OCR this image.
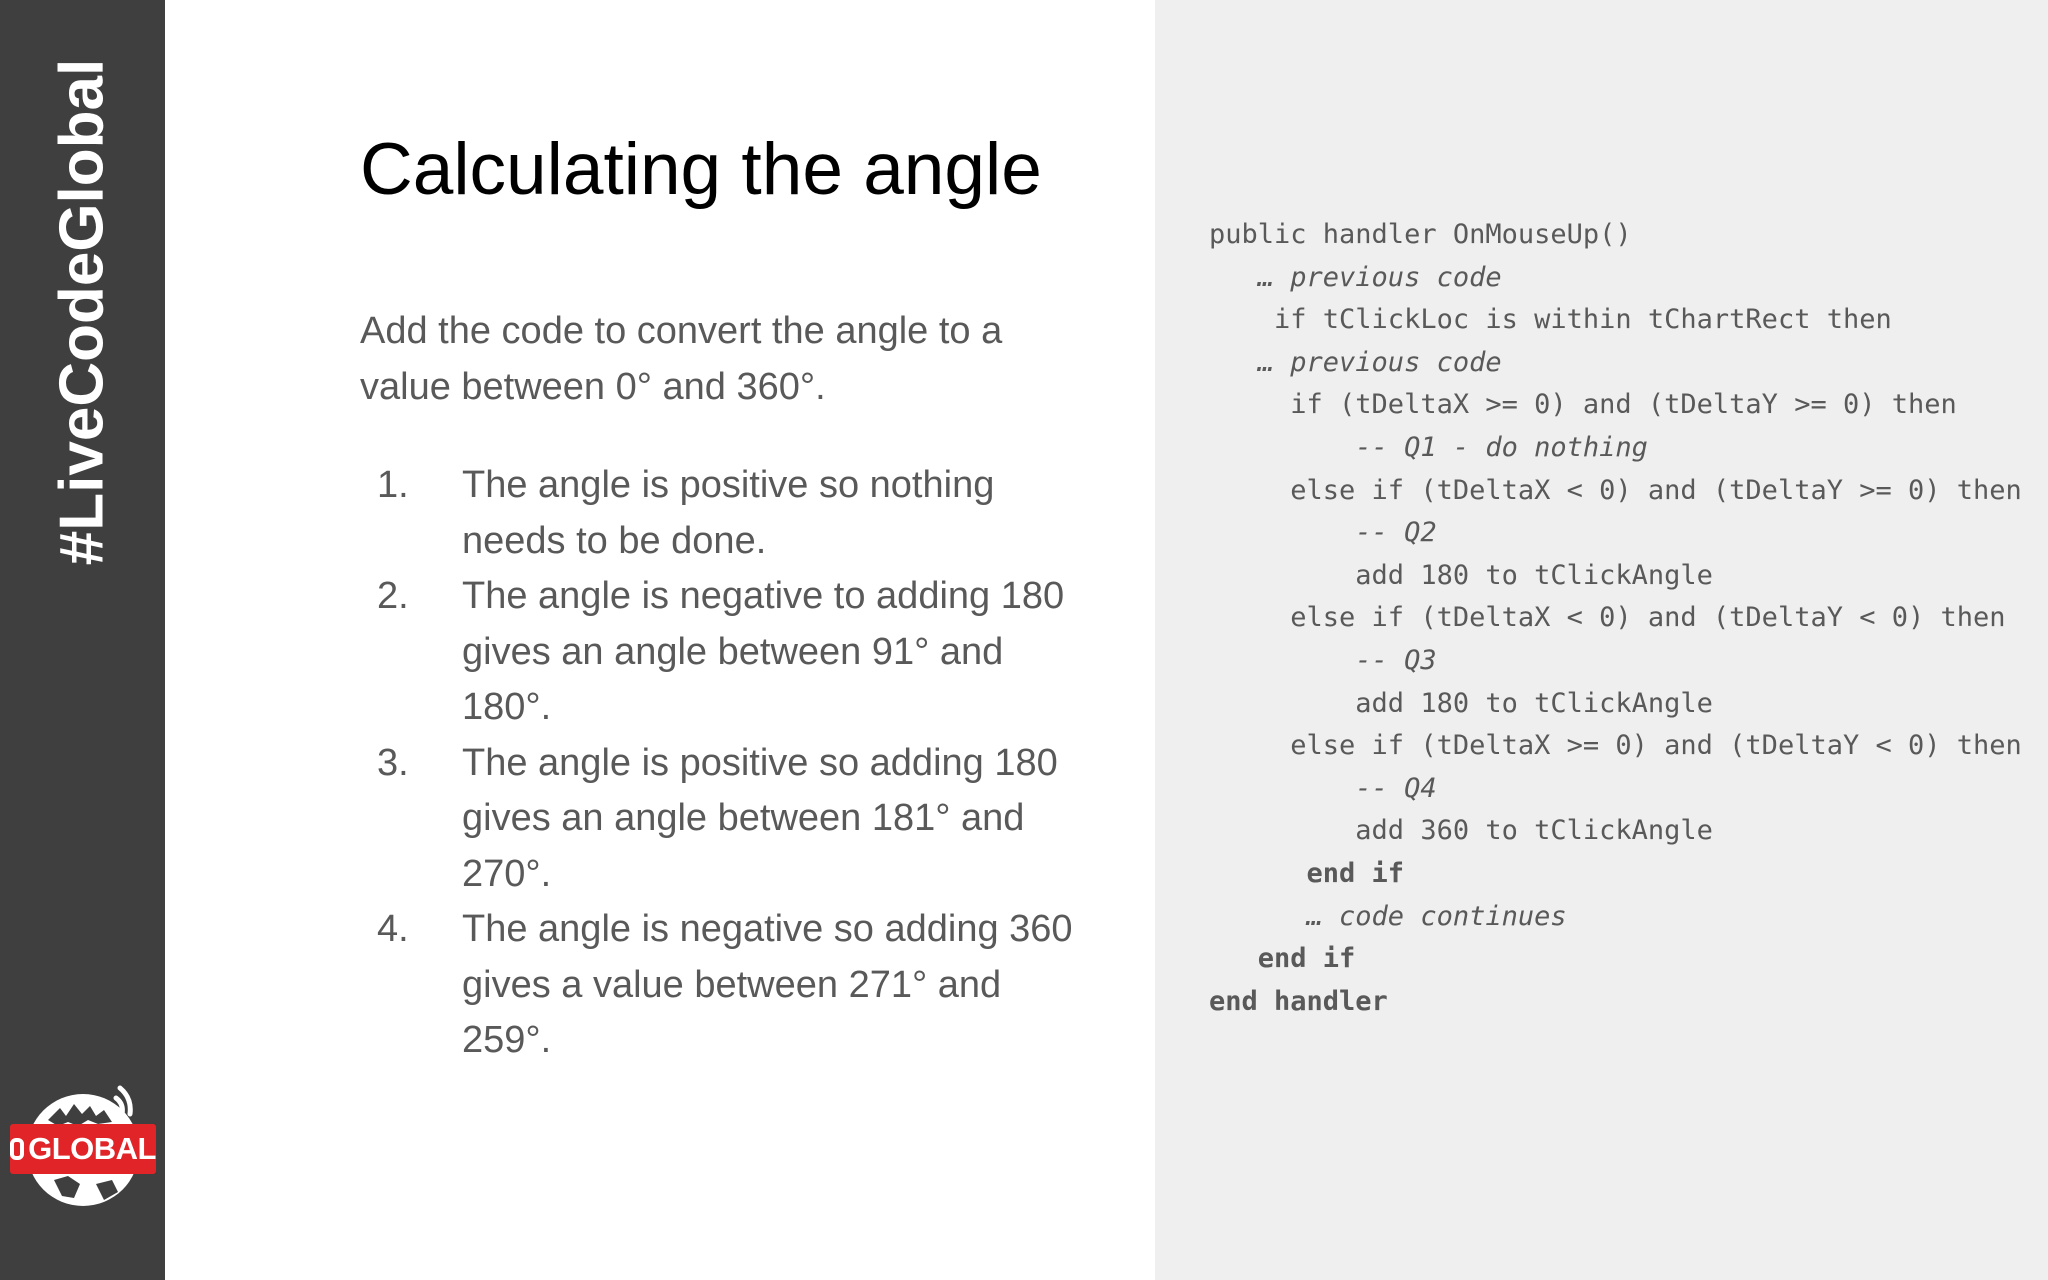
#LiveCodeGlobal
GLOBAL
Calculating the angle

Add the code to convert the angle to a value between 0° and 360°.

1. The angle is positive so nothing needs to be done.
2. The angle is negative to adding 180 gives an angle between 91° and 180°.
3. The angle is positive so adding 180 gives an angle between 181° and 270°.
4. The angle is negative so adding 360 gives a value between 271° and 259°.
public handler OnMouseUp()
… previous code
if tClickLoc is within tChartRect then
… previous code
if (tDeltaX >= 0) and (tDeltaY >= 0) then
-- Q1 - do nothing
else if (tDeltaX < 0) and (tDeltaY >= 0) then
-- Q2
add 180 to tClickAngle
else if (tDeltaX < 0) and (tDeltaY < 0) then
-- Q3
add 180 to tClickAngle
else if (tDeltaX >= 0) and (tDeltaY < 0) then
-- Q4
add 360 to tClickAngle
end if
… code continues
end if
end handler
